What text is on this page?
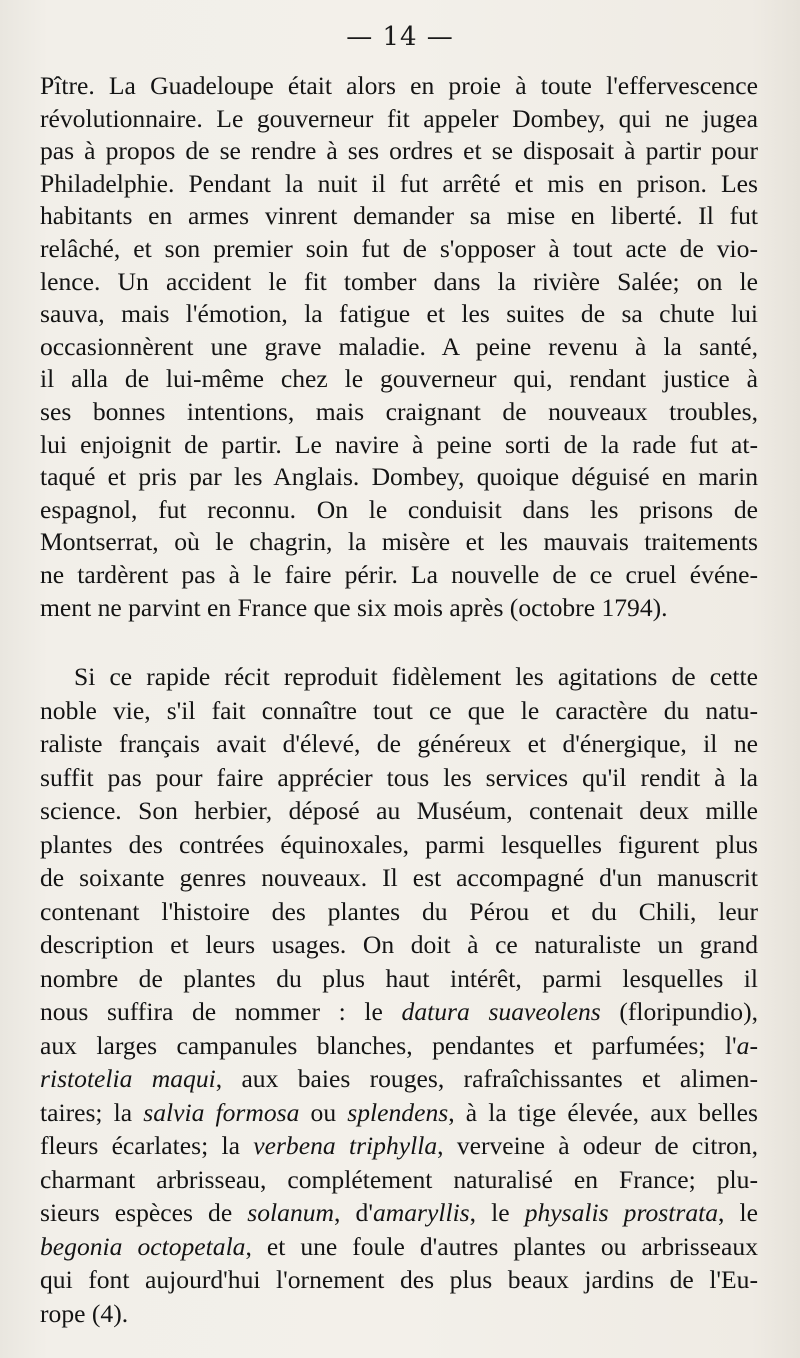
— 14 —
Pître. La Guadeloupe était alors en proie à toute l'effervescence
révolutionnaire. Le gouverneur fit appeler Dombey, qui ne jugea
pas à propos de se rendre à ses ordres et se disposait à partir pour
Philadelphie. Pendant la nuit il fut arrêté et mis en prison. Les
habitants en armes vinrent demander sa mise en liberté. Il fut
relâché, et son premier soin fut de s'opposer à tout acte de vio-
lence. Un accident le fit tomber dans la rivière Salée; on le
sauva, mais l'émotion, la fatigue et les suites de sa chute lui
occasionnèrent une grave maladie. A peine revenu à la santé,
il alla de lui-même chez le gouverneur qui, rendant justice à
ses bonnes intentions, mais craignant de nouveaux troubles,
lui enjoignit de partir. Le navire à peine sorti de la rade fut at-
taqué et pris par les Anglais. Dombey, quoique déguisé en marin
espagnol, fut reconnu. On le conduisit dans les prisons de
Montserrat, où le chagrin, la misère et les mauvais traitements
ne tardèrent pas à le faire périr. La nouvelle de ce cruel événe-
ment ne parvint en France que six mois après (octobre 1794).
Si ce rapide récit reproduit fidèlement les agitations de cette
noble vie, s'il fait connaître tout ce que le caractère du natu-
raliste français avait d'élevé, de généreux et d'énergique, il ne
suffit pas pour faire apprécier tous les services qu'il rendit à la
science. Son herbier, déposé au Muséum, contenait deux mille
plantes des contrées équinoxales, parmi lesquelles figurent plus
de soixante genres nouveaux. Il est accompagné d'un manuscrit
contenant l'histoire des plantes du Pérou et du Chili, leur
description et leurs usages. On doit à ce naturaliste un grand
nombre de plantes du plus haut intérêt, parmi lesquelles il
nous suffira de nommer : le datura suaveolens (floripundio),
aux larges campanules blanches, pendantes et parfumées; l'a-
ristotelia maqui, aux baies rouges, rafraîchissantes et alimen-
taires; la salvia formosa ou splendens, à la tige élevée, aux belles
fleurs écarlates; la verbena triphylla, verveine à odeur de citron,
charmant arbrisseau, complétement naturalisé en France; plu-
sieurs espèces de solanum, d'amaryllis, le physalis prostrata, le
begonia octopetala, et une foule d'autres plantes ou arbrisseaux
qui font aujourd'hui l'ornement des plus beaux jardins de l'Eu-
rope (4).
